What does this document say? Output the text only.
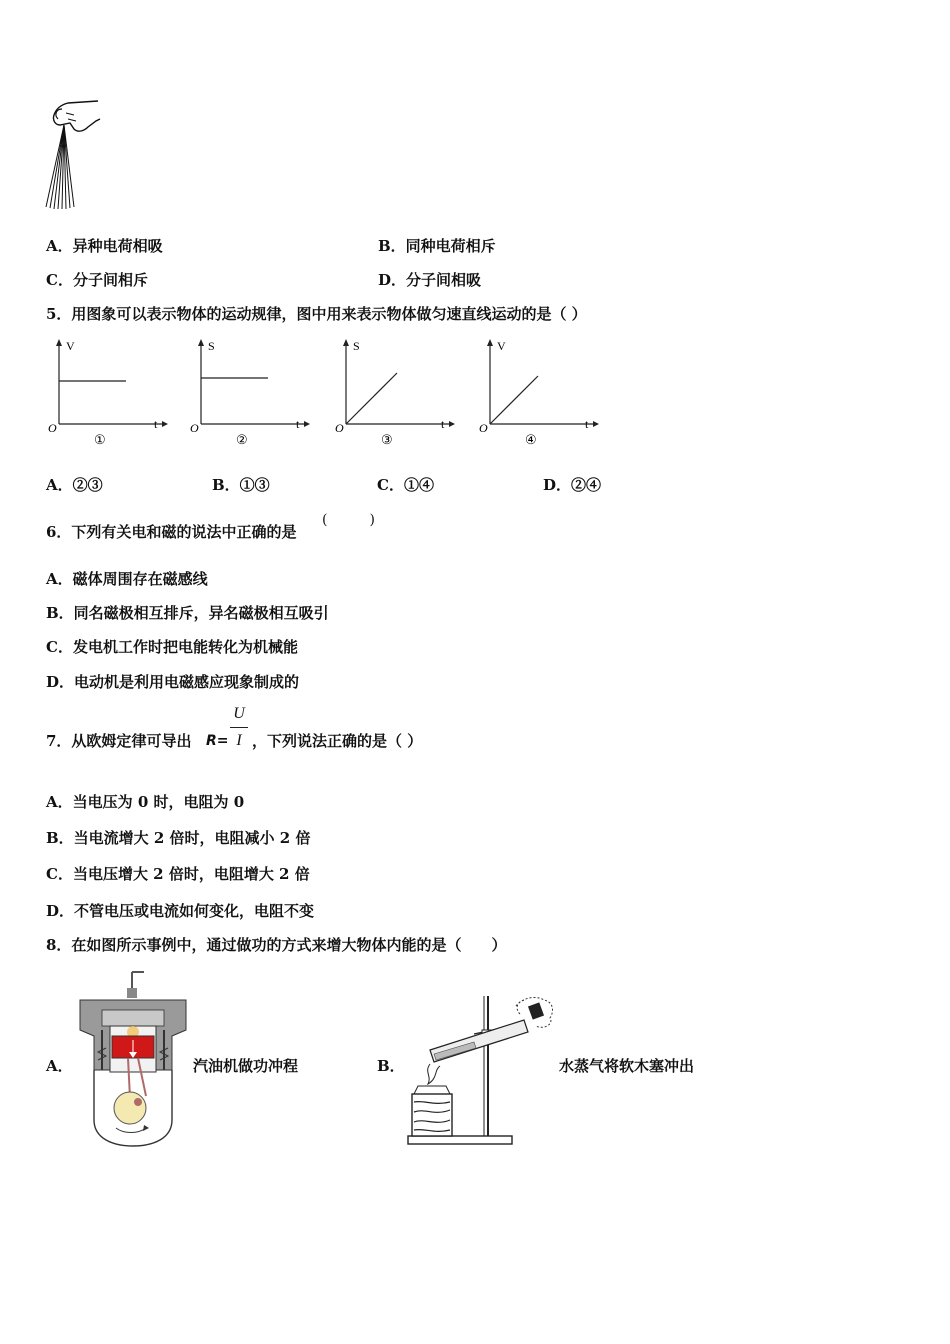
A．异种电荷相吸	B．同种电荷相斥
C．分子间相斥	D．分子间相吸
5．用图象可以表示物体的运动规律，图中用来表示物体做匀速直线运动的是（ ）
V
t
O
①
S
t
O
②
S
t
O
③
V
t
O
④
A．②③	B．①③	C．①④	D．②④
6．下列有关电和磁的说法中正确的是
(　　　)
A．磁体周围存在磁感线
B．同名磁极相互排斥，异名磁极相互吸引
C．发电机工作时把电能转化为机械能
D．电动机是利用电磁感应现象制成的
7．从欧姆定律可导出 R=
U
I ，下列说法正确的是（ ）
A．当电压为 0 时，电阻为 0
B．当电流增大 2 倍时，电阻减小 2 倍
C．当电压增大 2 倍时，电阻增大 2 倍
D．不管电压或电流如何变化，电阻不变
8．在如图所示事例中，通过做功的方式来增大物体内能的是（　　）
A．	汽油机做功冲程	B．	水蒸气将软木塞冲出
